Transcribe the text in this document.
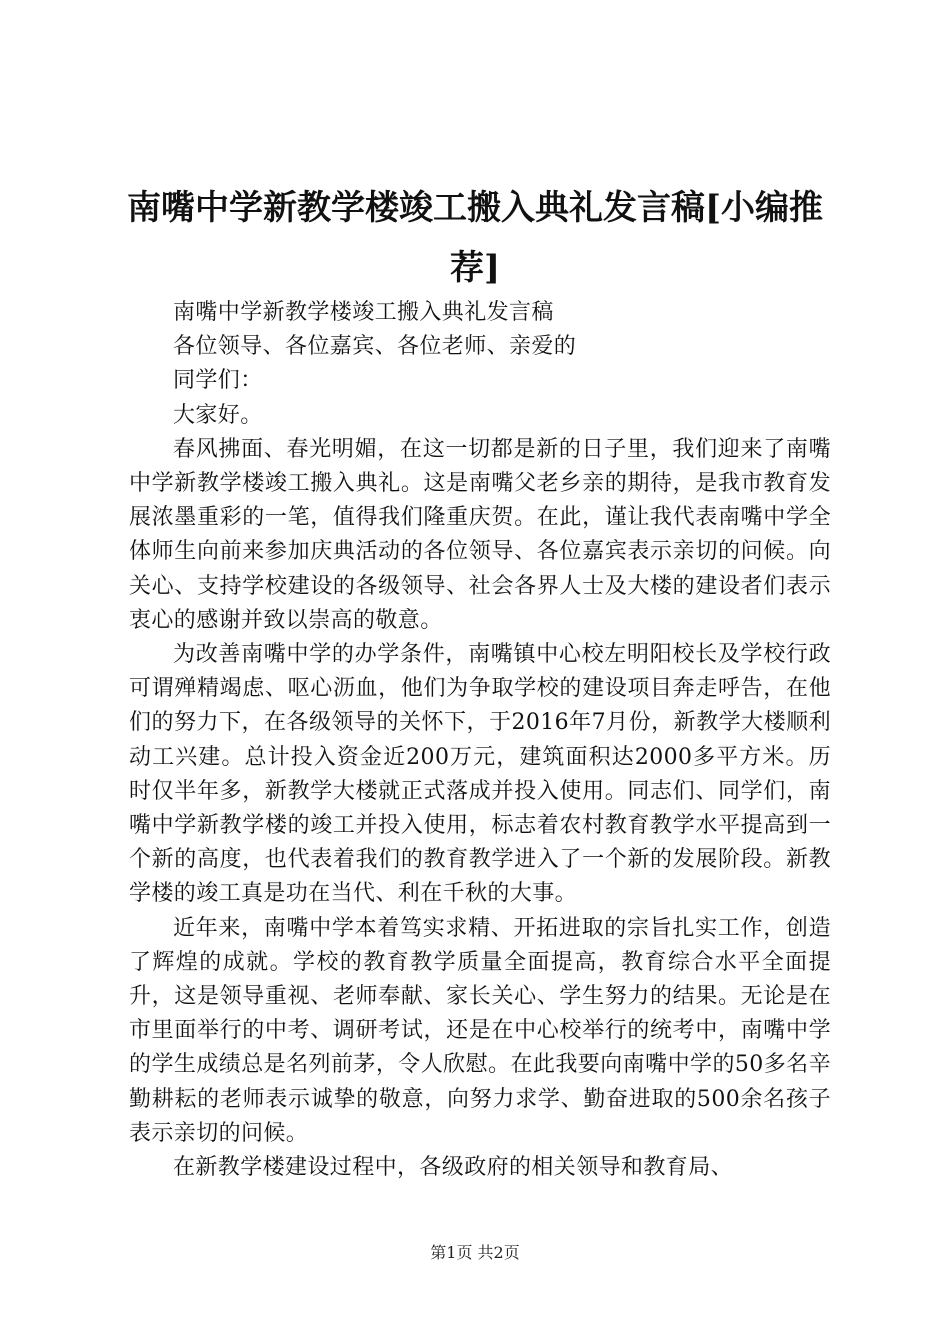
南嘴中学新教学楼竣工搬入典礼发言稿[小编推荐]

南嘴中学新教学楼竣工搬入典礼发言稿

各位领导、各位嘉宾、各位老师、亲爱的

同学们：

大家好。

春风拂面、春光明媚，在这一切都是新的日子里，我们迎来了南嘴中学新教学楼竣工搬入典礼。这是南嘴父老乡亲的期待，是我市教育发展浓墨重彩的一笔，值得我们隆重庆贺。在此，谨让我代表南嘴中学全体师生向前来参加庆典活动的各位领导、各位嘉宾表示亲切的问候。向关心、支持学校建设的各级领导、社会各界人士及大楼的建设者们表示衷心的感谢并致以崇高的敬意。

为改善南嘴中学的办学条件，南嘴镇中心校左明阳校长及学校行政可谓殚精竭虑、呕心沥血，他们为争取学校的建设项目奔走呼告，在他们的努力下，在各级领导的关怀下，于2016年7月份，新教学大楼顺利动工兴建。总计投入资金近200万元，建筑面积达2000多平方米。历时仅半年多，新教学大楼就正式落成并投入使用。同志们、同学们，南嘴中学新教学楼的竣工并投入使用，标志着农村教育教学水平提高到一个新的高度，也代表着我们的教育教学进入了一个新的发展阶段。新教学楼的竣工真是功在当代、利在千秋的大事。

近年来，南嘴中学本着笃实求精、开拓进取的宗旨扎实工作，创造了辉煌的成就。学校的教育教学质量全面提高，教育综合水平全面提升，这是领导重视、老师奉献、家长关心、学生努力的结果。无论是在市里面举行的中考、调研考试，还是在中心校举行的统考中，南嘴中学的学生成绩总是名列前茅，令人欣慰。在此我要向南嘴中学的50多名辛勤耕耘的老师表示诚挚的敬意，向努力求学、勤奋进取的500余名孩子表示亲切的问候。

在新教学楼建设过程中，各级政府的相关领导和教育局、

第1页 共2页
